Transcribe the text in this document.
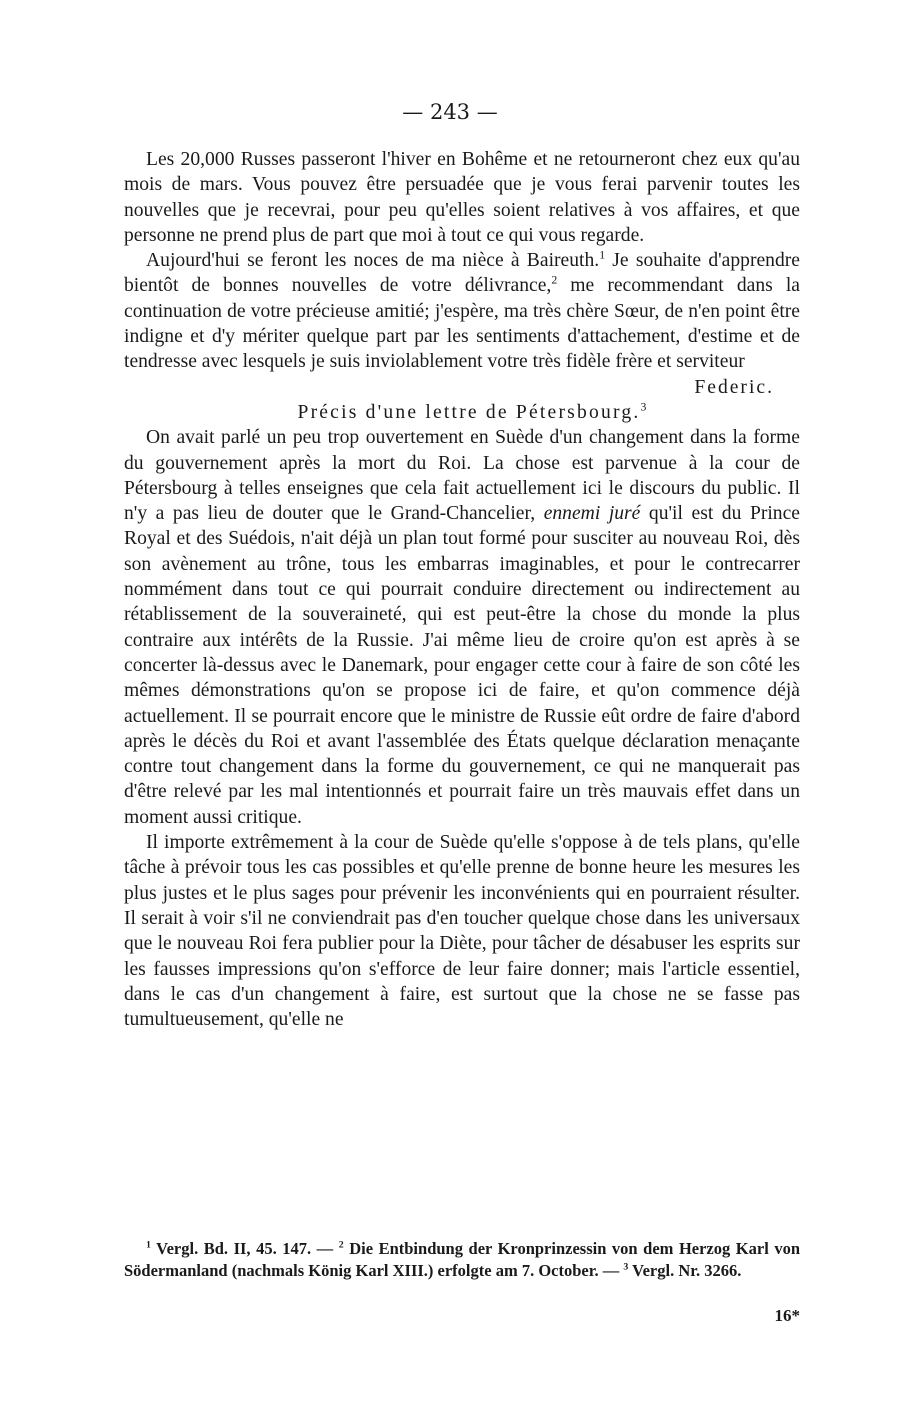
— 243 —

Les 20,000 Russes passeront l'hiver en Bohême et ne retourneront chez eux qu'au mois de mars. Vous pouvez être persuadée que je vous ferai parvenir toutes les nouvelles que je recevrai, pour peu qu'elles soient relatives à vos affaires, et que personne ne prend plus de part que moi à tout ce qui vous regarde.

Aujourd'hui se feront les noces de ma nièce à Baireuth.$^1$ Je souhaite d'apprendre bientôt de bonnes nouvelles de votre délivrance,$^2$ me recommendant dans la continuation de votre précieuse amitié; j'espère, ma très chère Sœur, de n'en point être indigne et d'y mériter quelque part par les sentiments d'attachement, d'estime et de tendresse avec lesquels je suis inviolablement votre très fidèle frère et serviteur

Federic.

Précis d'une lettre de Pétersbourg.$^3$

On avait parlé un peu trop ouvertement en Suède d'un changement dans la forme du gouvernement après la mort du Roi. La chose est parvenue à la cour de Pétersbourg à telles enseignes que cela fait actuellement ici le discours du public. Il n'y a pas lieu de douter que le Grand-Chancelier, ennemi juré qu'il est du Prince Royal et des Suédois, n'ait déjà un plan tout formé pour susciter au nouveau Roi, dès son avènement au trône, tous les embarras imaginables, et pour le contrecarrer nommément dans tout ce qui pourrait conduire directement ou indirectement au rétablissement de la souveraineté, qui est peut-être la chose du monde la plus contraire aux intérêts de la Russie. J'ai même lieu de croire qu'on est après à se concerter là-dessus avec le Danemark, pour engager cette cour à faire de son côté les mêmes démonstrations qu'on se propose ici de faire, et qu'on commence déjà actuellement. Il se pourrait encore que le ministre de Russie eût ordre de faire d'abord après le décès du Roi et avant l'assemblée des États quelque déclaration menaçante contre tout changement dans la forme du gouvernement, ce qui ne manquerait pas d'être relevé par les mal intentionnés et pourrait faire un très mauvais effet dans un moment aussi critique.

Il importe extrêmement à la cour de Suède qu'elle s'oppose à de tels plans, qu'elle tâche à prévoir tous les cas possibles et qu'elle prenne de bonne heure les mesures les plus justes et le plus sages pour prévenir les inconvénients qui en pourraient résulter. Il serait à voir s'il ne conviendrait pas d'en toucher quelque chose dans les universaux que le nouveau Roi fera publier pour la Diète, pour tâcher de désabuser les esprits sur les fausses impressions qu'on s'efforce de leur faire donner; mais l'article essentiel, dans le cas d'un changement à faire, est surtout que la chose ne se fasse pas tumultueusement, qu'elle ne

$^1$ Vergl. Bd. II, 45. 147. — $^2$ Die Entbindung der Kronprinzessin von dem Herzog Karl von Södermanland (nachmals König Karl XIII.) erfolgte am 7. October. — $^3$ Vergl. Nr. 3266.

16*
